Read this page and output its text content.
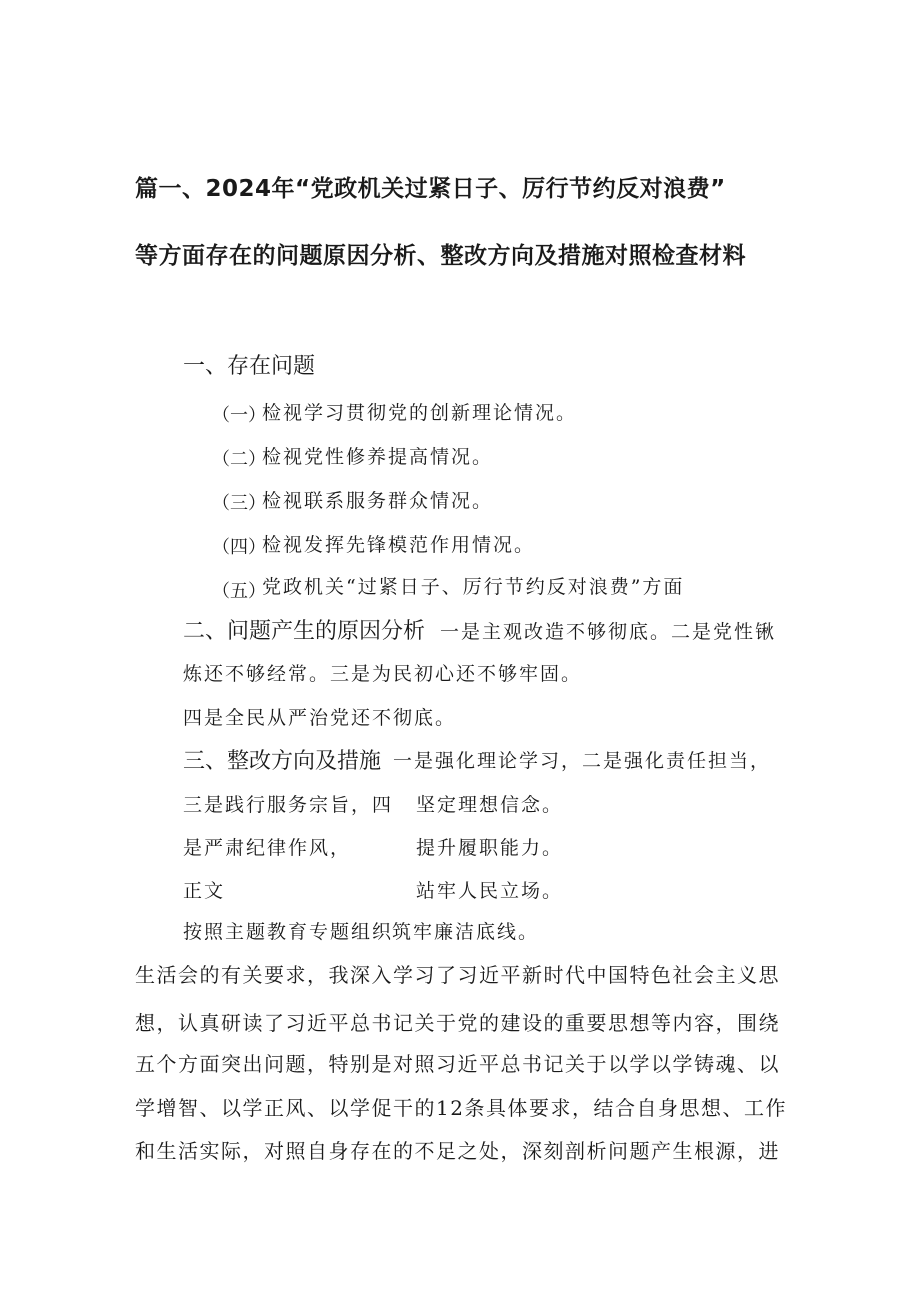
篇一、2024年“党政机关过紧日子、厉行节约反对浪费”
等方面存在的问题原因分析、整改方向及措施对照检查材料
一、存在问题
（一）
检视学习贯彻党的创新理论情况。
（二）
检视党性修养提高情况。
（三）
检视联系服务群众情况。
（四）
检视发挥先锋模范作用情况。
（五）
党政机关“过紧日子、厉行节约反对浪费”方面
二、问题产生的原因分析 一是主观改造不够彻底。二是党性锹
炼还不够经常。三是为民初心还不够牢固。
四是全民从严治党还不彻底。
三、整改方向及措施 一是强化理论学习，二是强化责任担当，
三是践行服务宗旨，四 坚定理想信念。
是严肃纪律作风，	提升履职能力。
正文	站牢人民立场。
按照主题教育专题组织
筑牢廉洁底线。
生活会的有关要求，我深入学习了习近平新时代中国特色社会主义思
想，认真研读了习近平总书记关于党的建设的重要思想等内容，围绕
五个方面突出问题，特别是对照习近平总书记关于以学以学铸魂、以
学增智、以学正风、以学促干的12条具体要求，结合自身思想、工作
和生活实际，对照自身存在的不足之处，深刻剖析问题产生根源，进
